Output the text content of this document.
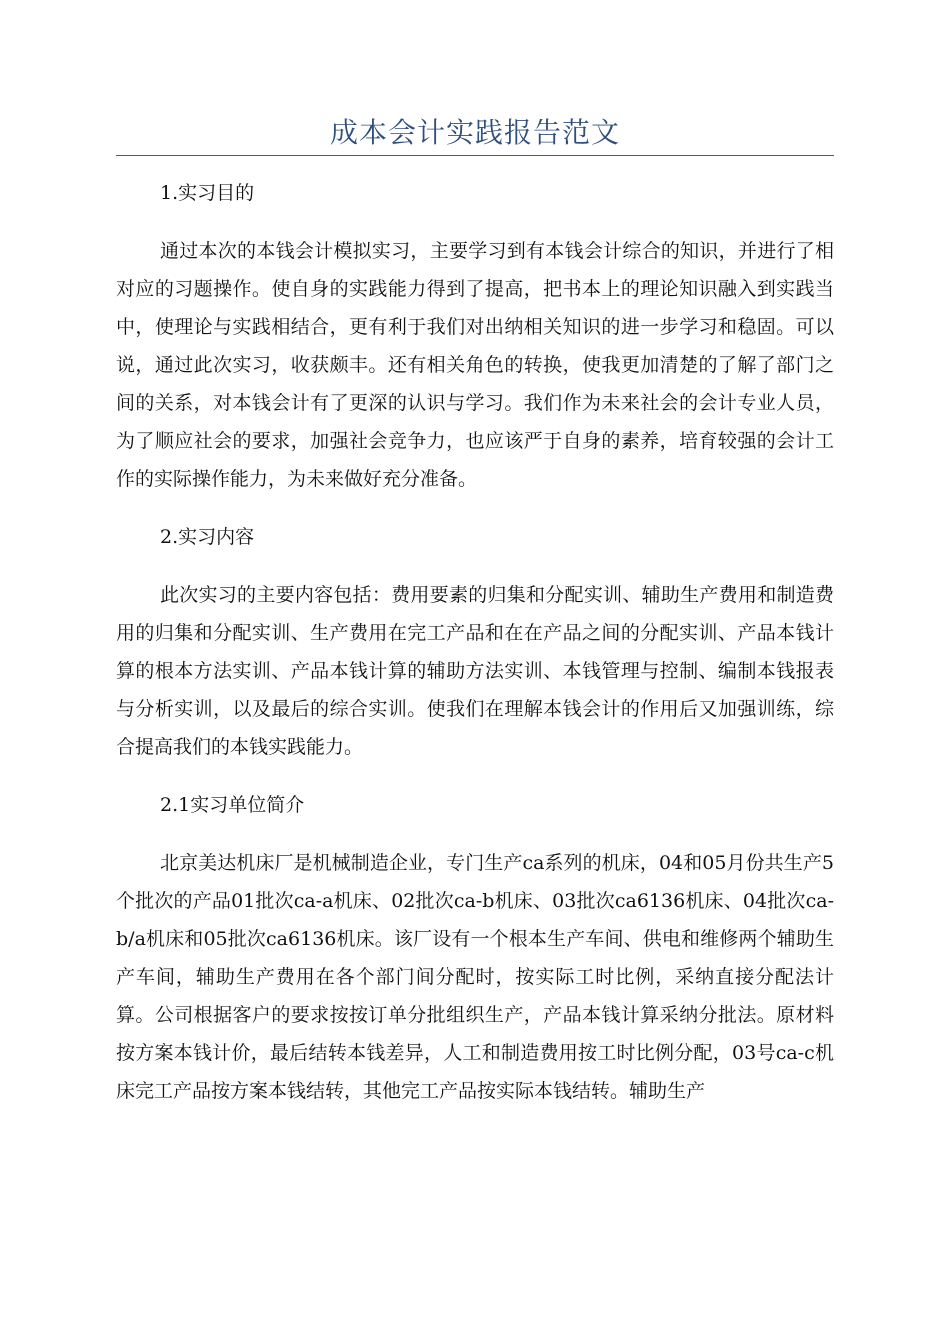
成本会计实践报告范文

1.实习目的

通过本次的本钱会计模拟实习，主要学习到有本钱会计综合的知识，并进行了相对应的习题操作。使自身的实践能力得到了提高，把书本上的理论知识融入到实践当中，使理论与实践相结合，更有利于我们对出纳相关知识的进一步学习和稳固。可以说，通过此次实习，收获颇丰。还有相关角色的转换，使我更加清楚的了解了部门之间的关系，对本钱会计有了更深的认识与学习。我们作为未来社会的会计专业人员，为了顺应社会的要求，加强社会竞争力，也应该严于自身的素养，培育较强的会计工作的实际操作能力，为未来做好充分准备。

2.实习内容

此次实习的主要内容包括：费用要素的归集和分配实训、辅助生产费用和制造费用的归集和分配实训、生产费用在完工产品和在在产品之间的分配实训、产品本钱计算的根本方法实训、产品本钱计算的辅助方法实训、本钱管理与控制、编制本钱报表与分析实训，以及最后的综合实训。使我们在理解本钱会计的作用后又加强训练，综合提高我们的本钱实践能力。

2.1实习单位简介

北京美达机床厂是机械制造企业，专门生产ca系列的机床，04和05月份共生产5个批次的产品01批次ca-a机床、02批次ca-b机床、03批次ca6136机床、04批次ca-b/a机床和05批次ca6136机床。该厂设有一个根本生产车间、供电和维修两个辅助生产车间，辅助生产费用在各个部门间分配时，按实际工时比例，采纳直接分配法计算。公司根据客户的要求按按订单分批组织生产，产品本钱计算采纳分批法。原材料按方案本钱计价，最后结转本钱差异，人工和制造费用按工时比例分配，03号ca-c机床完工产品按方案本钱结转，其他完工产品按实际本钱结转。辅助生产
